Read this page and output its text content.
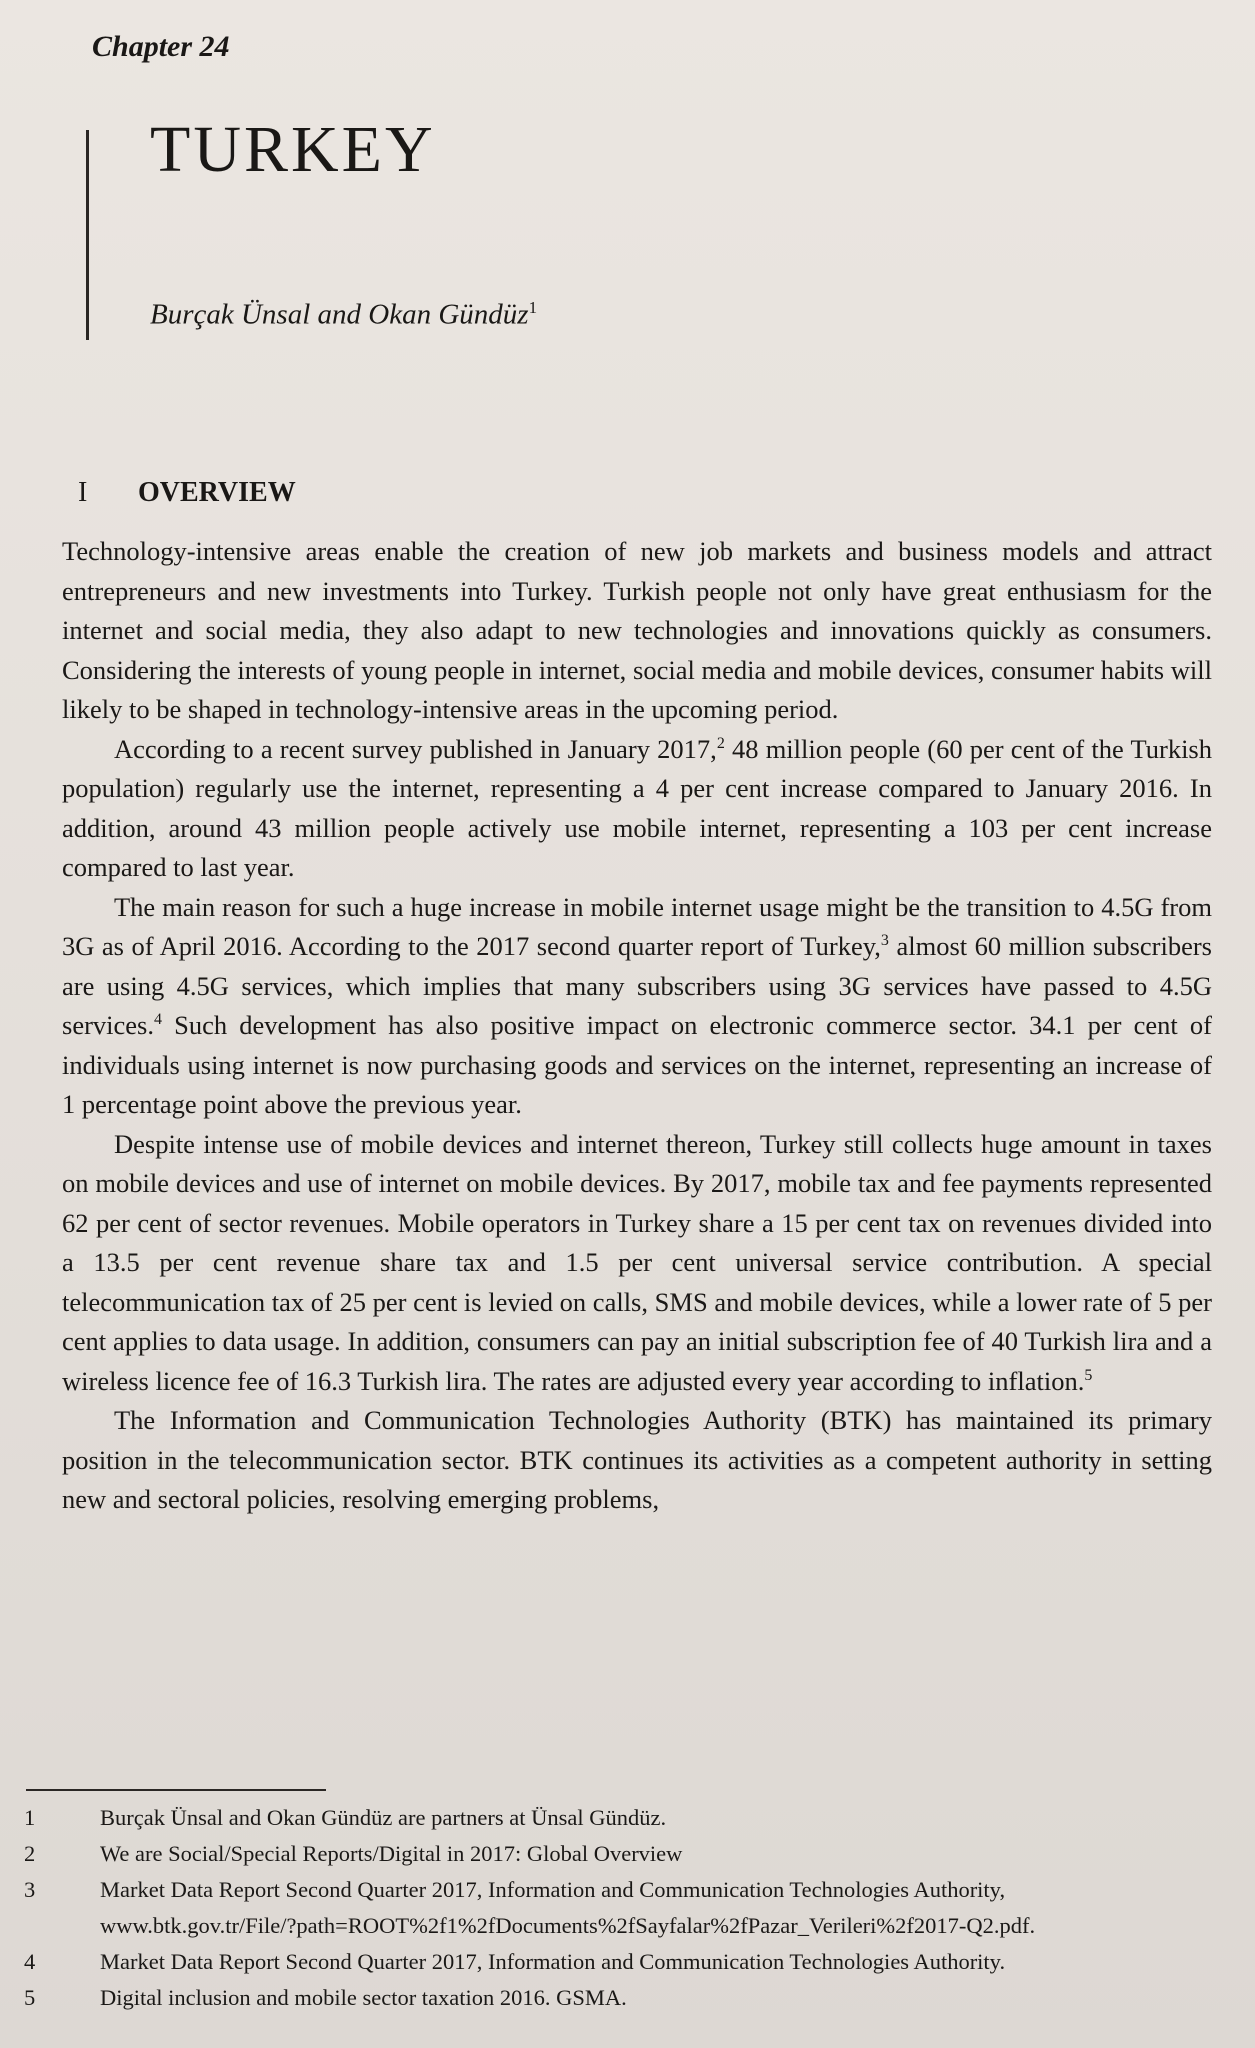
Chapter 24
TURKEY
Burçak Ünsal and Okan Gündüz$^1$
I OVERVIEW

Technology-intensive areas enable the creation of new job markets and business models and attract entrepreneurs and new investments into Turkey. Turkish people not only have great enthusiasm for the internet and social media, they also adapt to new technologies and innovations quickly as consumers. Considering the interests of young people in internet, social media and mobile devices, consumer habits will likely to be shaped in technology-intensive areas in the upcoming period.

According to a recent survey published in January 2017,$^2$ 48 million people (60 per cent of the Turkish population) regularly use the internet, representing a 4 per cent increase compared to January 2016. In addition, around 43 million people actively use mobile internet, representing a 103 per cent increase compared to last year.

The main reason for such a huge increase in mobile internet usage might be the transition to 4.5G from 3G as of April 2016. According to the 2017 second quarter report of Turkey,$^3$ almost 60 million subscribers are using 4.5G services, which implies that many subscribers using 3G services have passed to 4.5G services.$^4$ Such development has also positive impact on electronic commerce sector. 34.1 per cent of individuals using internet is now purchasing goods and services on the internet, representing an increase of 1 percentage point above the previous year.

Despite intense use of mobile devices and internet thereon, Turkey still collects huge amount in taxes on mobile devices and use of internet on mobile devices. By 2017, mobile tax and fee payments represented 62 per cent of sector revenues. Mobile operators in Turkey share a 15 per cent tax on revenues divided into a 13.5 per cent revenue share tax and 1.5 per cent universal service contribution. A special telecommunication tax of 25 per cent is levied on calls, SMS and mobile devices, while a lower rate of 5 per cent applies to data usage. In addition, consumers can pay an initial subscription fee of 40 Turkish lira and a wireless licence fee of 16.3 Turkish lira. The rates are adjusted every year according to inflation.$^5$

The Information and Communication Technologies Authority (BTK) has maintained its primary position in the telecommunication sector. BTK continues its activities as a competent authority in setting new and sectoral policies, resolving emerging problems,

1	Burçak Ünsal and Okan Gündüz are partners at Ünsal Gündüz.
2	We are Social/Special Reports/Digital in 2017: Global Overview
3	Market Data Report Second Quarter 2017, Information and Communication Technologies Authority,
www.btk.gov.tr/File/?path=ROOT%2f1%2fDocuments%2fSayfalar%2fPazar_Verileri%2f2017-Q2.pdf.
4	Market Data Report Second Quarter 2017, Information and Communication Technologies Authority.
5	Digital inclusion and mobile sector taxation 2016. GSMA.
